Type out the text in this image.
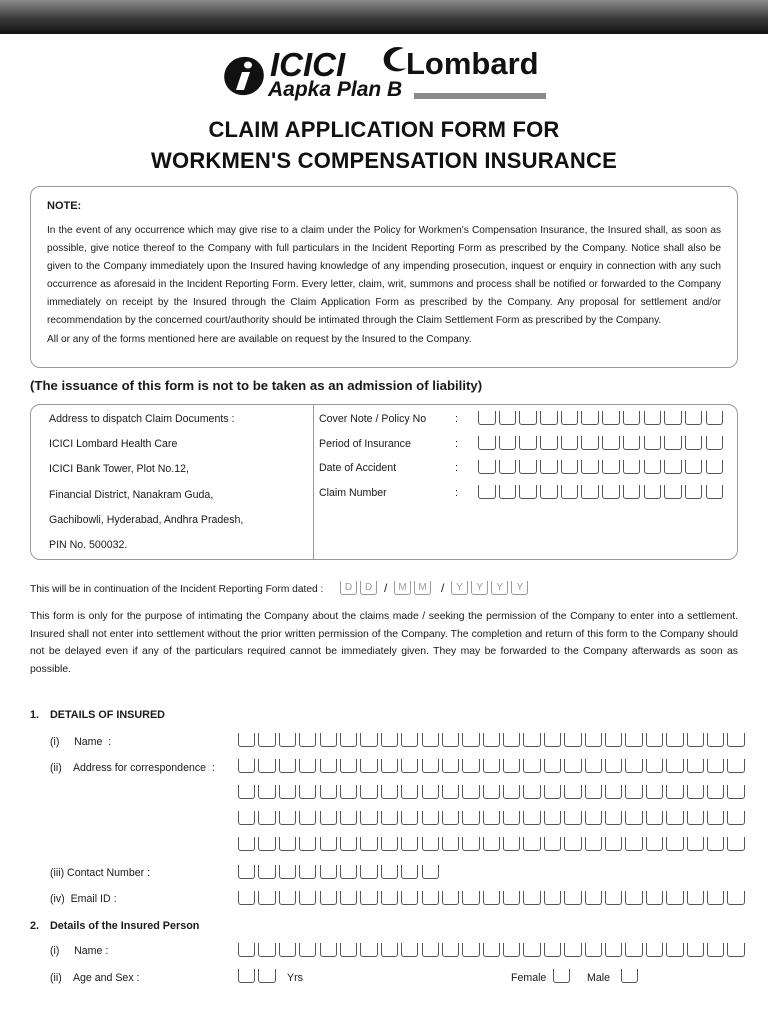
ICICI Lombard
Aapka Plan B
CLAIM APPLICATION FORM FOR
WORKMEN'S COMPENSATION INSURANCE
NOTE:

In the event of any occurrence which may give rise to a claim under the Policy for Workmen's Compensation Insurance, the Insured shall, as soon as possible, give notice thereof to the Company with full particulars in the Incident Reporting Form as prescribed by the Company. Notice shall also be given to the Company immediately upon the Insured having knowledge of any impending prosecution, inquest or enquiry in connection with any such occurrence as aforesaid in the Incident Reporting Form. Every letter, claim, writ, summons and process shall be notified or forwarded to the Company immediately on receipt by the Insured through the Claim Application Form as prescribed by the Company. Any proposal for settlement and/or recommendation by the concerned court/authority should be intimated through the Claim Settlement Form as prescribed by the Company.

All or any of the forms mentioned here are available on request by the Insured to the Company.

(The issuance of this form is not to be taken as an admission of liability)
Address to dispatch Claim Documents :
ICICI Lombard Health Care
ICICI Bank Tower, Plot No.12,
Financial District, Nanakram Guda,
Gachibowli, Hyderabad, Andhra Pradesh,
PIN No. 500032.
Cover Note / Policy No	:
Period of Insurance	:
Date of Accident	:
Claim Number	:
This will be in continuation of the Incident Reporting Form dated :	D	D /	M	M	/	Y	Y	Y	Y
This form is only for the purpose of intimating the Company about the claims made / seeking the permission of the Company to enter into a settlement. Insured shall not enter into settlement without the prior written permission of the Company. The completion and return of this form to the Company should not be delayed even if any of the particulars required cannot be immediately given. They may be forwarded to the Company afterwards as soon as possible.
1. DETAILS OF INSURED
(i)     Name  :
(ii)    Address for correspondence  :
(iii) Contact Number :
(iv)  Email ID :
2. Details of the Insured Person
(i)     Name :
(ii)    Age and Sex :	Yrs	Female	Male
